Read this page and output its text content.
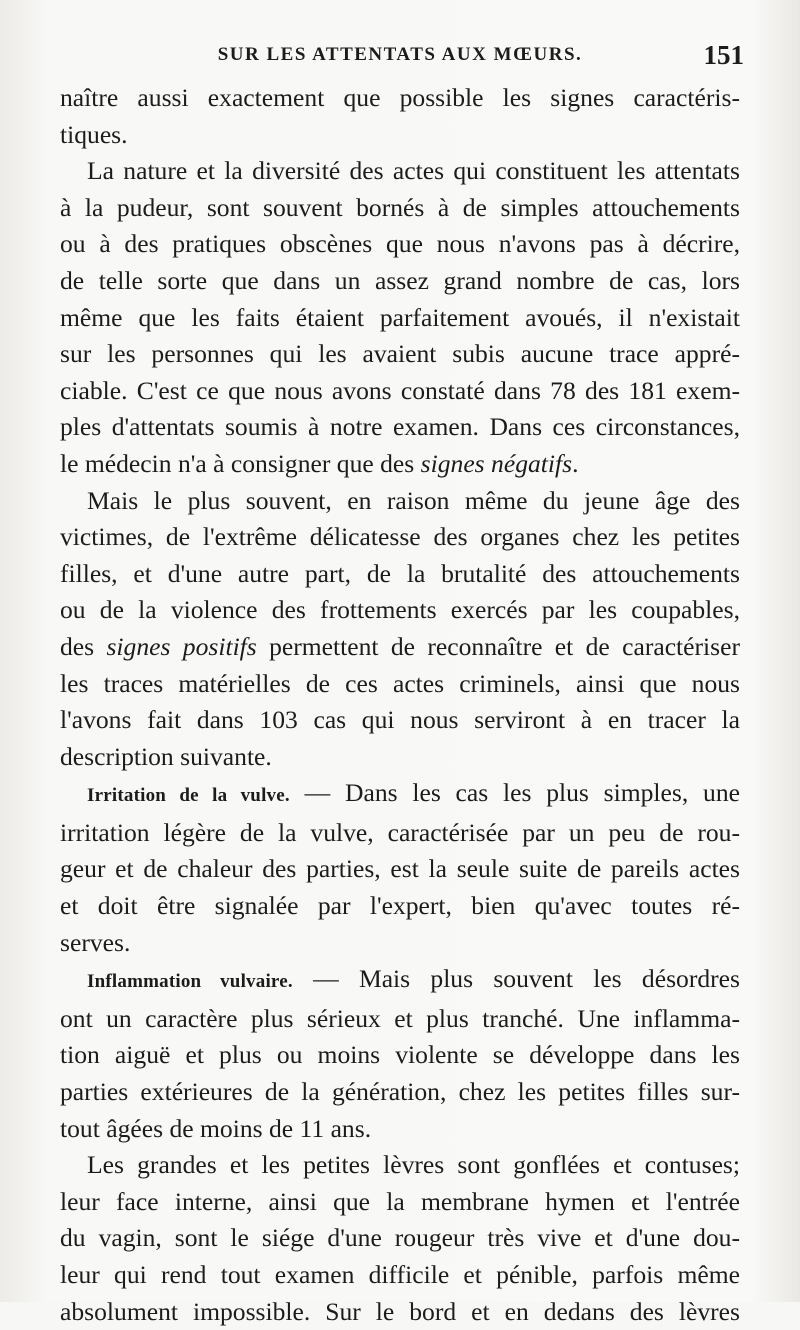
SUR LES ATTENTATS AUX MŒURS.	151
naître aussi exactement que possible les signes caractéris-
tiques.
La nature et la diversité des actes qui constituent les attentats
à la pudeur, sont souvent bornés à de simples attouchements
ou à des pratiques obscènes que nous n'avons pas à décrire,
de telle sorte que dans un assez grand nombre de cas, lors
même que les faits étaient parfaitement avoués, il n'existait
sur les personnes qui les avaient subis aucune trace appré-
ciable. C'est ce que nous avons constaté dans 78 des 181 exem-
ples d'attentats soumis à notre examen. Dans ces circonstances,
le médecin n'a à consigner que des signes négatifs.
Mais le plus souvent, en raison même du jeune âge des
victimes, de l'extrême délicatesse des organes chez les petites
filles, et d'une autre part, de la brutalité des attouchements
ou de la violence des frottements exercés par les coupables,
des signes positifs permettent de reconnaître et de caractériser
les traces matérielles de ces actes criminels, ainsi que nous
l'avons fait dans 103 cas qui nous serviront à en tracer la
description suivante.
Irritation de la vulve. — Dans les cas les plus simples, une
irritation légère de la vulve, caractérisée par un peu de rou-
geur et de chaleur des parties, est la seule suite de pareils actes
et doit être signalée par l'expert, bien qu'avec toutes ré-
serves.
Inflammation vulvaire. — Mais plus souvent les désordres
ont un caractère plus sérieux et plus tranché. Une inflamma-
tion aiguë et plus ou moins violente se développe dans les
parties extérieures de la génération, chez les petites filles sur-
tout âgées de moins de 11 ans.
Les grandes et les petites lèvres sont gonflées et contuses;
leur face interne, ainsi que la membrane hymen et l'entrée
du vagin, sont le siége d'une rougeur très vive et d'une dou-
leur qui rend tout examen difficile et pénible, parfois même
absolument impossible. Sur le bord et en dedans des lèvres
